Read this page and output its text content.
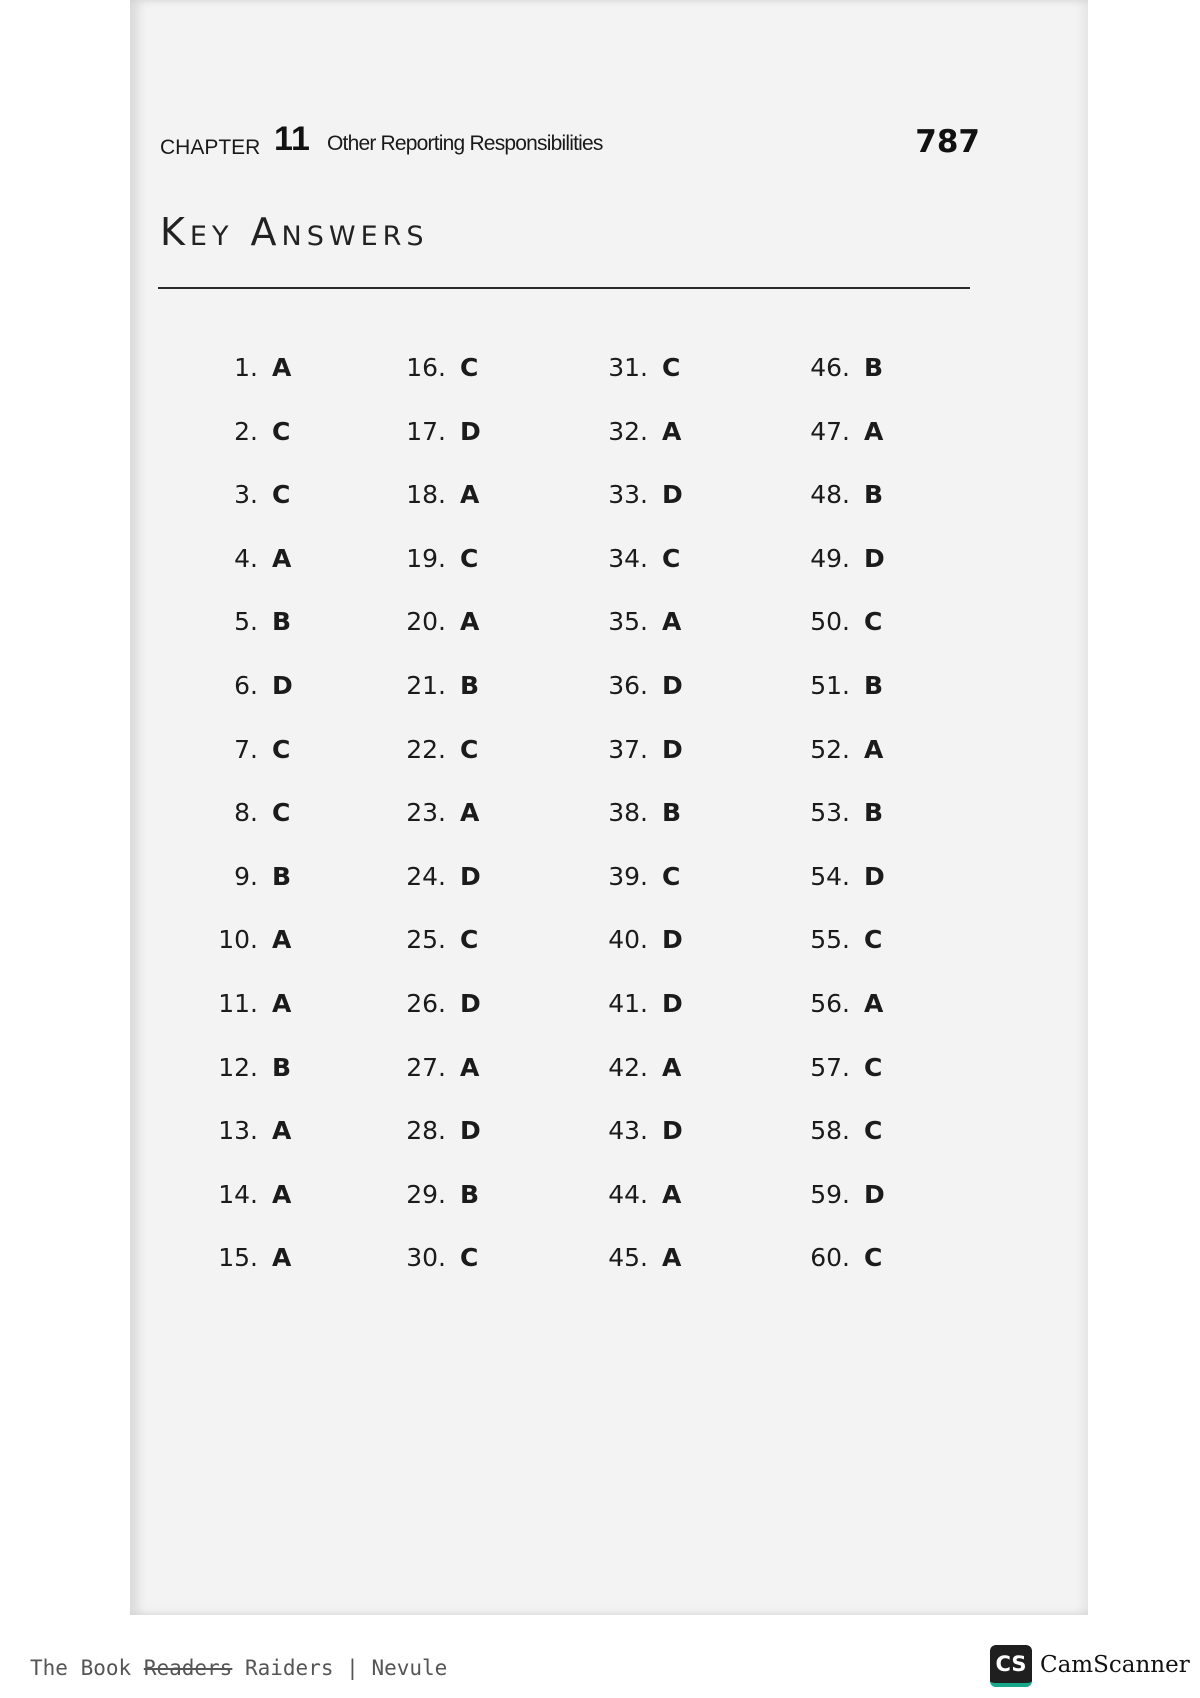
CHAPTER 11 Other Reporting Responsibilities	787
Key Answers
1. A
2. C
3. C
4. A
5. B
6. D
7. C
8. C
9. B
10. A
11. A
12. B
13. A
14. A
15. A
16. C
17. D
18. A
19. C
20. A
21. B
22. C
23. A
24. D
25. C
26. D
27. A
28. D
29. B
30. C
31. C
32. A
33. D
34. C
35. A
36. D
37. D
38. B
39. C
40. D
41. D
42. A
43. D
44. A
45. A
46. B
47. A
48. B
49. D
50. C
51. B
52. A
53. B
54. D
55. C
56. A
57. C
58. C
59. D
60. C
The Book Readers Raiders | Nevule	CS CamScanner
